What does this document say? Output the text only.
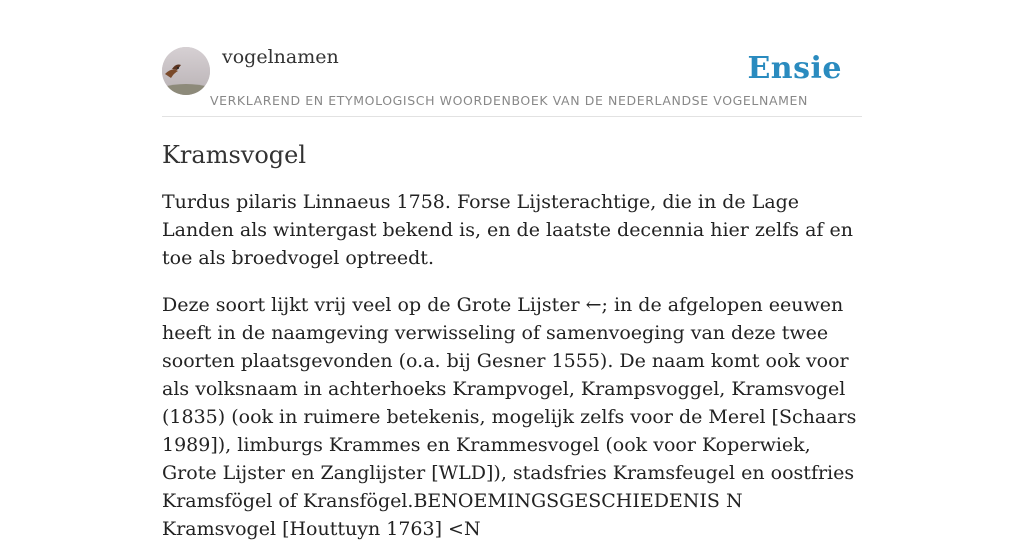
vogelnamen	Ensie
VERKLAREND EN ETYMOLOGISCH WOORDENBOEK VAN DE NEDERLANDSE VOGELNAMEN
Kramsvogel

Turdus pilaris Linnaeus 1758. Forse Lijsterachtige, die in de Lage Landen als wintergast bekend is, en de laatste decennia hier zelfs af en toe als broedvogel optreedt.

Deze soort lijkt vrij veel op de Grote Lijster ←; in de afgelopen eeuwen heeft in de naamgeving verwisseling of samenvoeging van deze twee soorten plaatsgevonden (o.a. bij Gesner 1555). De naam komt ook voor als volksnaam in achterhoeks Krampvogel, Krampsvoggel, Kramsvogel (1835) (ook in ruimere betekenis, mogelijk zelfs voor de Merel [Schaars 1989]), limburgs Krammes en Krammesvogel (ook voor Koperwiek, Grote Lijster en Zanglijster [WLD]), stadsfries Kramsfeugel en oostfries Kramsfögel of Kransfögel.BENOEMINGSGESCHIEDENIS N Kramsvogel [Houttuyn 1763] <N
